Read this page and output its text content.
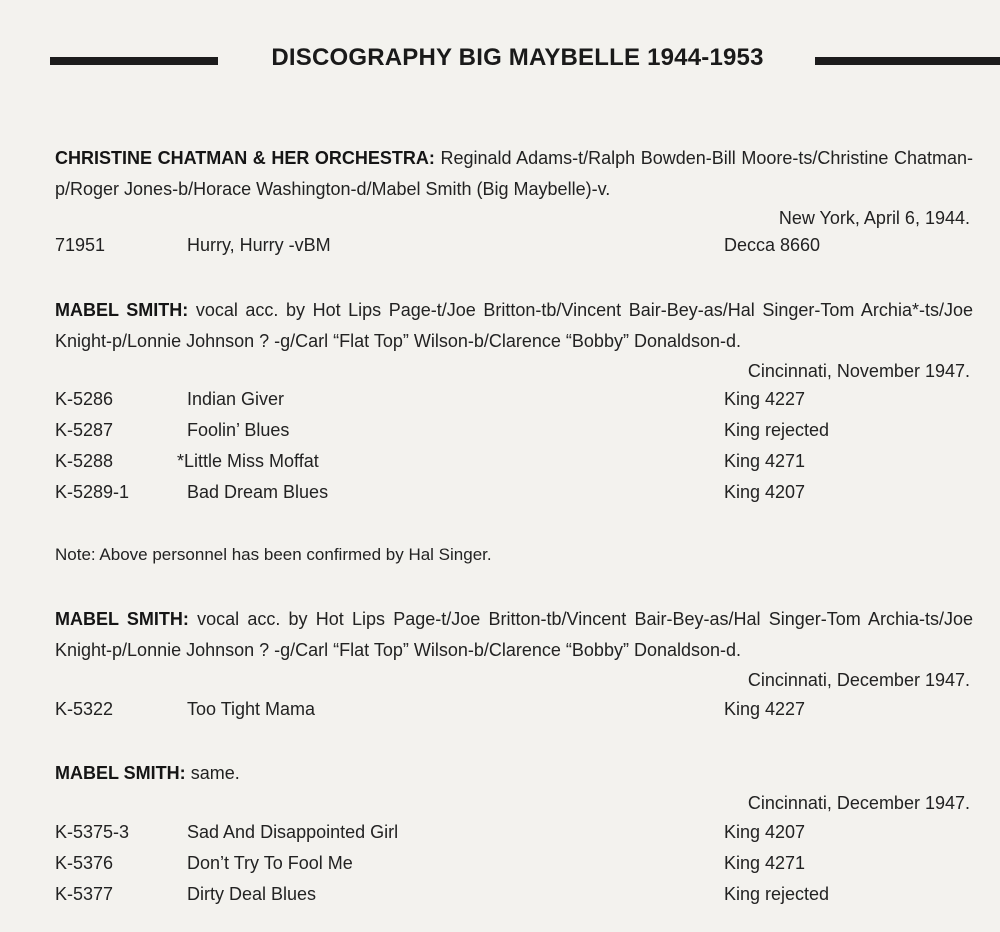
DISCOGRAPHY BIG MAYBELLE 1944-1953
CHRISTINE CHATMAN & HER ORCHESTRA: Reginald Adams-t/Ralph Bowden-Bill Moore-ts/Christine Chatman-p/Roger Jones-b/Horace Washington-d/Mabel Smith (Big Maybelle)-v.
New York, April 6, 1944.
71951	Hurry, Hurry -vBM	Decca 8660
MABEL SMITH: vocal acc. by Hot Lips Page-t/Joe Britton-tb/Vincent Bair-Bey-as/Hal Singer-Tom Archia*-ts/Joe Knight-p/Lonnie Johnson ? -g/Carl “Flat Top” Wilson-b/Clarence “Bobby” Donaldson-d.
Cincinnati, November 1947.
K-5286	Indian Giver	King 4227
K-5287	Foolin’ Blues	King rejected
K-5288	*Little Miss Moffat	King 4271
K-5289-1	Bad Dream Blues	King 4207
Note: Above personnel has been confirmed by Hal Singer.
MABEL SMITH: vocal acc. by Hot Lips Page-t/Joe Britton-tb/Vincent Bair-Bey-as/Hal Singer-Tom Archia-ts/Joe Knight-p/Lonnie Johnson ? -g/Carl “Flat Top” Wilson-b/Clarence “Bobby” Donaldson-d.
Cincinnati, December 1947.
K-5322	Too Tight Mama	King 4227
MABEL SMITH: same.
Cincinnati, December 1947.
K-5375-3	Sad And Disappointed Girl	King 4207
K-5376	Don’t Try To Fool Me	King 4271
K-5377	Dirty Deal Blues	King rejected
